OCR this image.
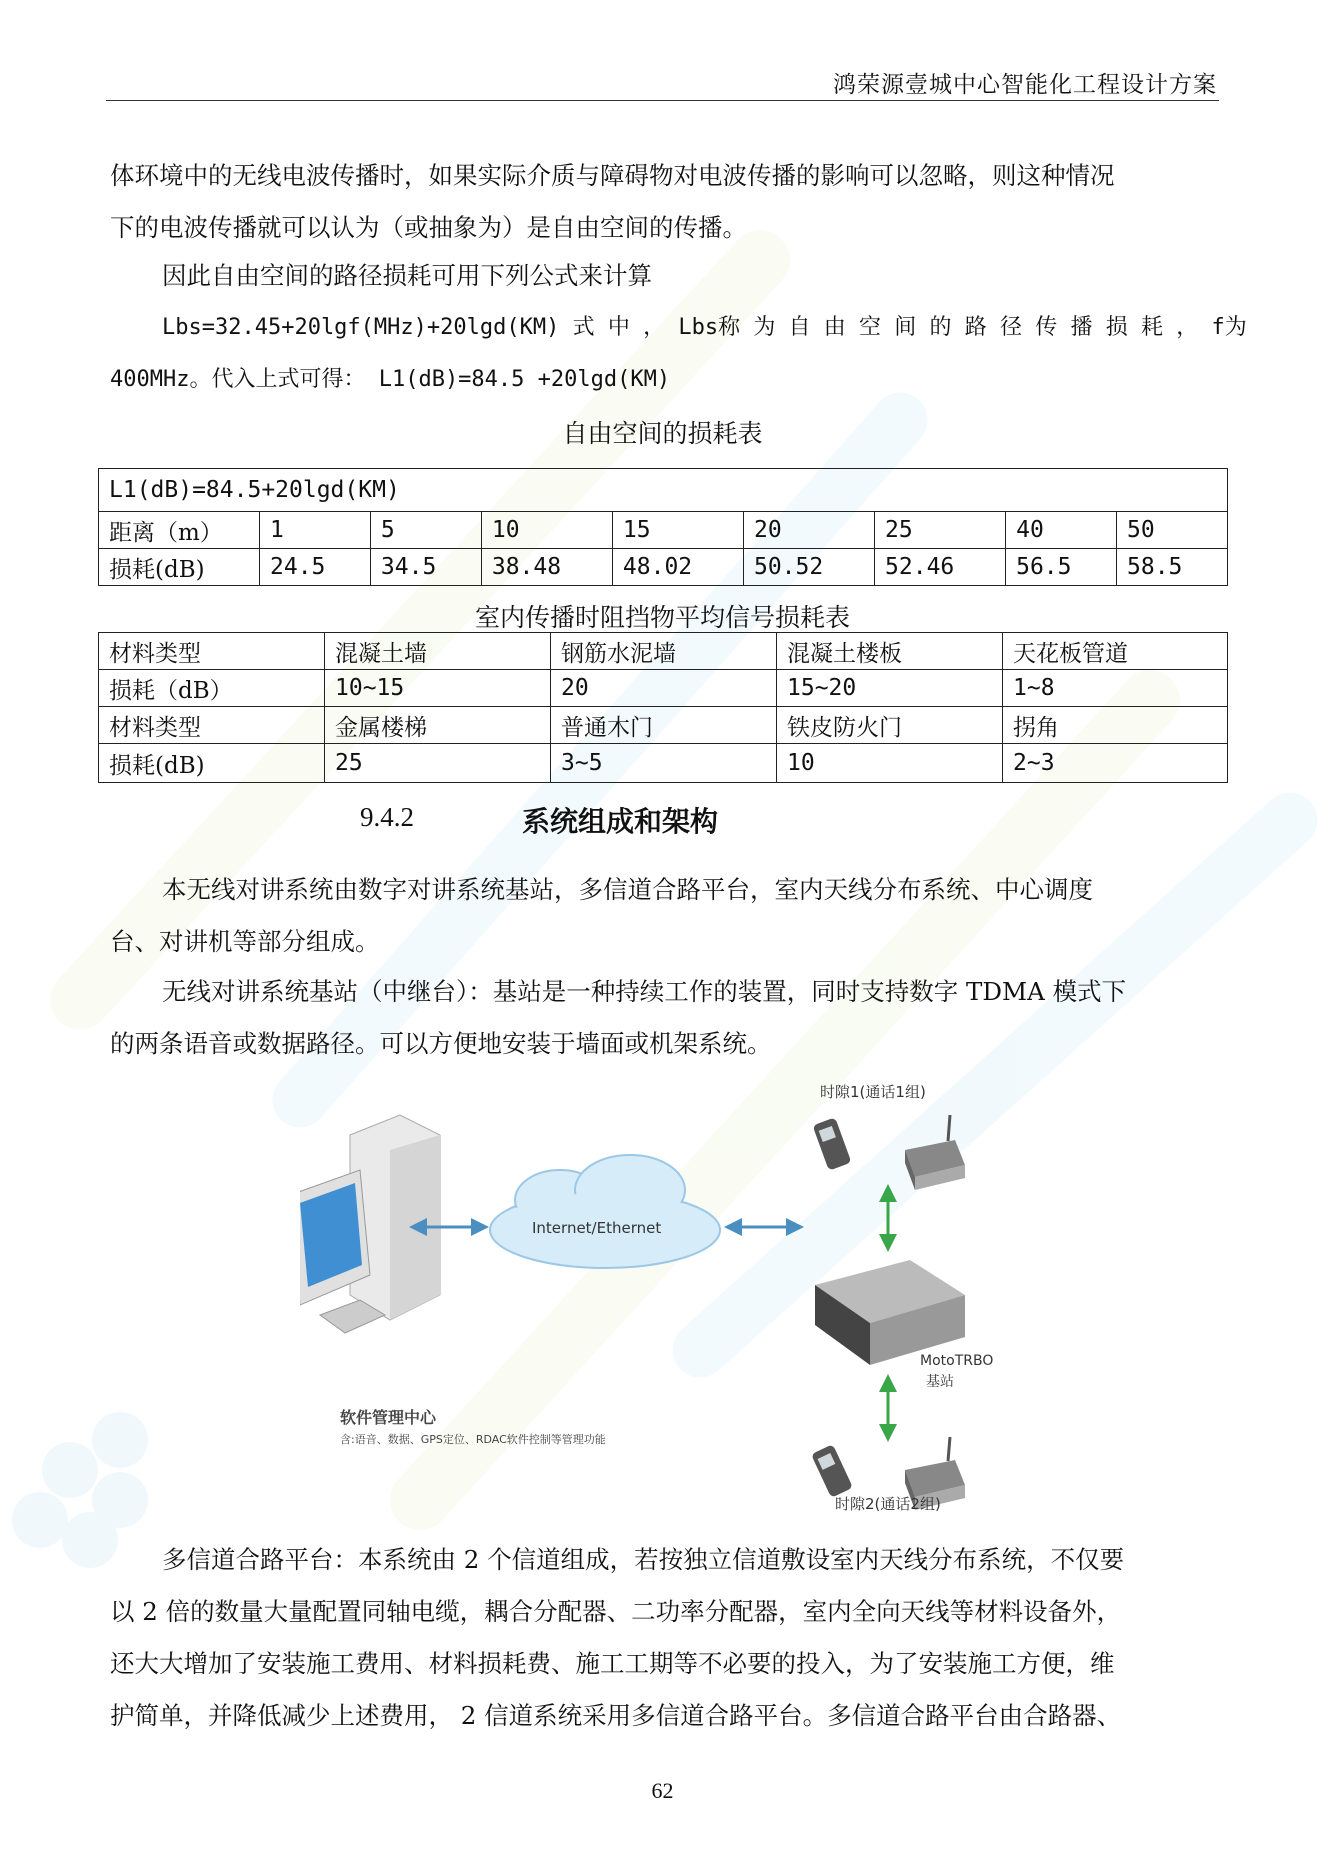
鸿荣源壹城中心智能化工程设计方案
体环境中的无线电波传播时，如果实际介质与障碍物对电波传播的影响可以忽略，则这种情况
下的电波传播就可以认为（或抽象为）是自由空间的传播。
因此自由空间的路径损耗可用下列公式来计算
Lbs=32.45+20lgf(MHz)+20lgd(KM) 式 中 ， Lbs称 为 自 由 空 间 的 路 径 传 播 损 耗 ， f为
400MHz。代入上式可得： L1(dB)=84.5 +20lgd(KM)
自由空间的损耗表
L1(dB)=84.5+20lgd(KM)								
距离（m）	1	5	10	15	20	25	40	50
损耗(dB)	24.5	34.5	38.48	48.02	50.52	52.46	56.5	58.5
室内传播时阻挡物平均信号损耗表
材料类型	混凝土墙	钢筋水泥墙	混凝土楼板	天花板管道
损耗（dB）	10~15	20	15~20	1~8
材料类型	金属楼梯	普通木门	铁皮防火门	拐角
损耗(dB)	25	3~5	10	2~3
9.4.2	系统组成和架构
本无线对讲系统由数字对讲系统基站，多信道合路平台，室内天线分布系统、中心调度
台、对讲机等部分组成。
无线对讲系统基站（中继台）：基站是一种持续工作的装置，同时支持数字 TDMA 模式下
的两条语音或数据路径。可以方便地安装于墙面或机架系统。
时隙1(通话1组)
Internet/Ethernet
MotoTRBO
基站
软件管理中心
含:语音、数据、GPS定位、RDAC软件控制等管理功能
时隙2(通话2组)
多信道合路平台：本系统由 2 个信道组成，若按独立信道敷设室内天线分布系统，不仅要
以 2 倍的数量大量配置同轴电缆，耦合分配器、二功率分配器，室内全向天线等材料设备外，
还大大增加了安装施工费用、材料损耗费、施工工期等不必要的投入，为了安装施工方便，维
护简单，并降低减少上述费用， 2 信道系统采用多信道合路平台。多信道合路平台由合路器、
62
